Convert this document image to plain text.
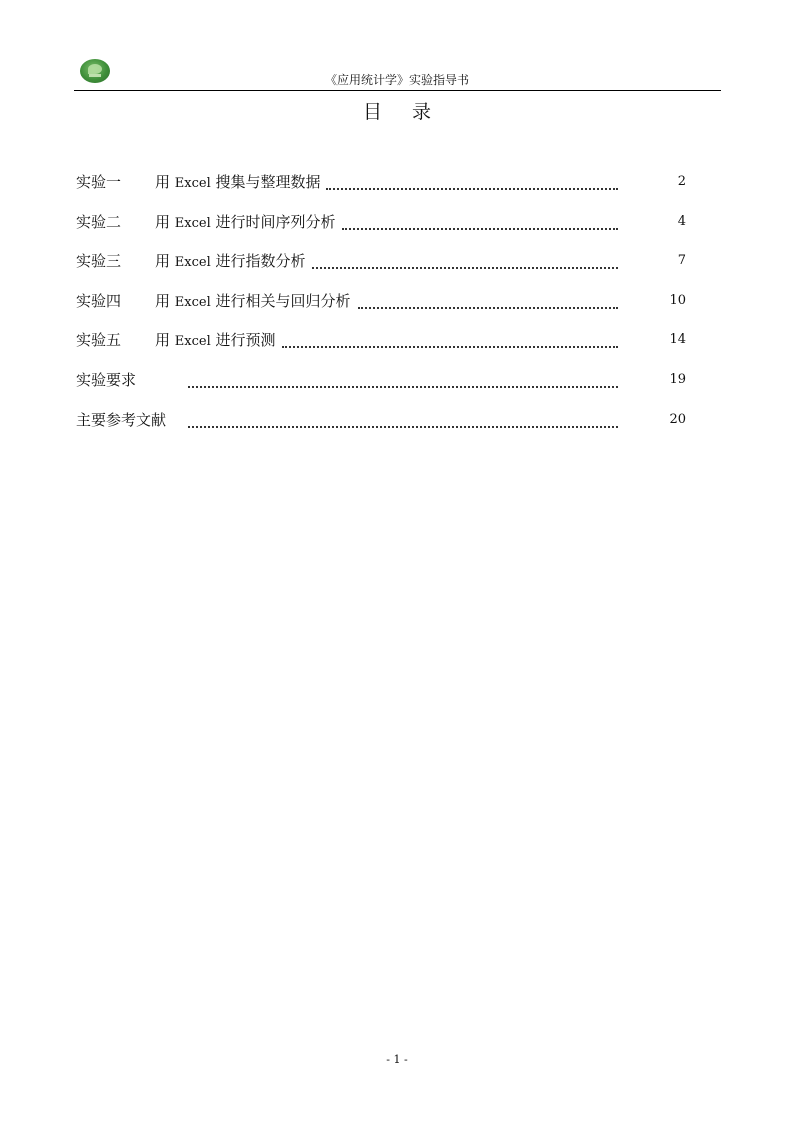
《应用统计学》实验指导书
目录
实验一 用 Excel 搜集与整理数据	2
实验二 用 Excel 进行时间序列分析	4
实验三 用 Excel 进行指数分析	7
实验四 用 Excel 进行相关与回归分析	10
实验五 用 Excel 进行预测	14
实验要求	19
主要参考文献	20
- 1 -
